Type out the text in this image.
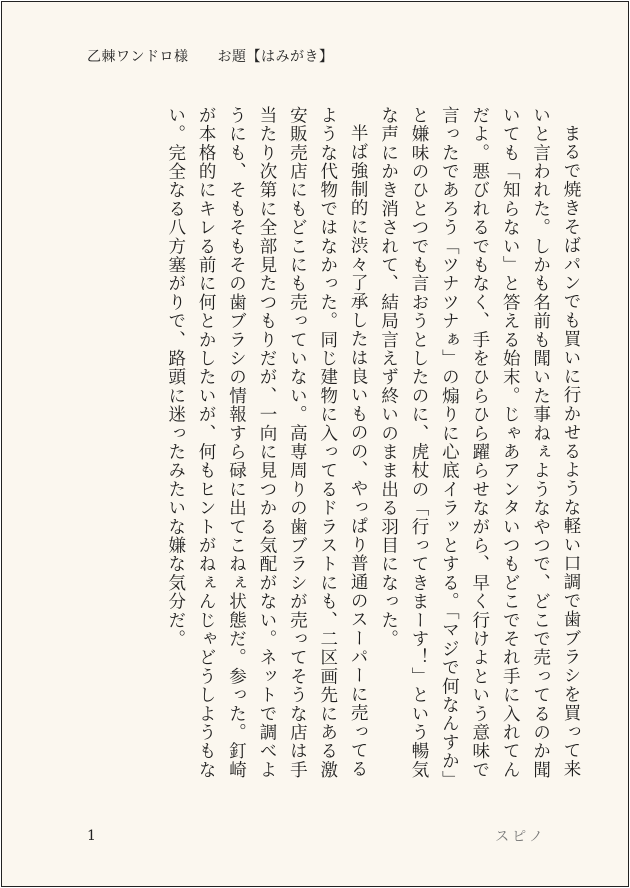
乙棘ワンドロ様　　お題【はみがき】

まるで焼きそばパンでも買いに行かせるような軽い口調で歯ブラシを買って来いと言われた。しかも名前も聞いた事ねぇようなやつで、どこで売ってるのか聞いても「知らない」と答える始末。じゃあアンタいつもどこでそれ手に入れてんだよ。悪びれるでもなく、手をひらひら躍らせながら、早く行けよという意味で言ったであろう「ツナツナぁ」の煽りに心底イラッとする。「マジで何なんすか」と嫌味のひとつでも言おうとしたのに、虎杖の「行ってきまーす！」という暢気な声にかき消されて、結局言えず終いのまま出る羽目になった。

半ば強制的に渋々了承したは良いものの、やっぱり普通のスーパーに売ってるような代物ではなかった。同じ建物に入ってるドラストにも、二区画先にある激安販売店にもどこにも売っていない。高専周りの歯ブラシが売ってそうな店は手当たり次第に全部見たつもりだが、一向に見つかる気配がない。ネットで調べようにも、そもそもその歯ブラシの情報すら碌に出てこねぇ状態だ。参った。釘崎が本格的にキレる前に何とかしたいが、何もヒントがねぇんじゃどうしようもない。完全なる八方塞がりで、路頭に迷ったみたいな嫌な気分だ。

1	スピノ
